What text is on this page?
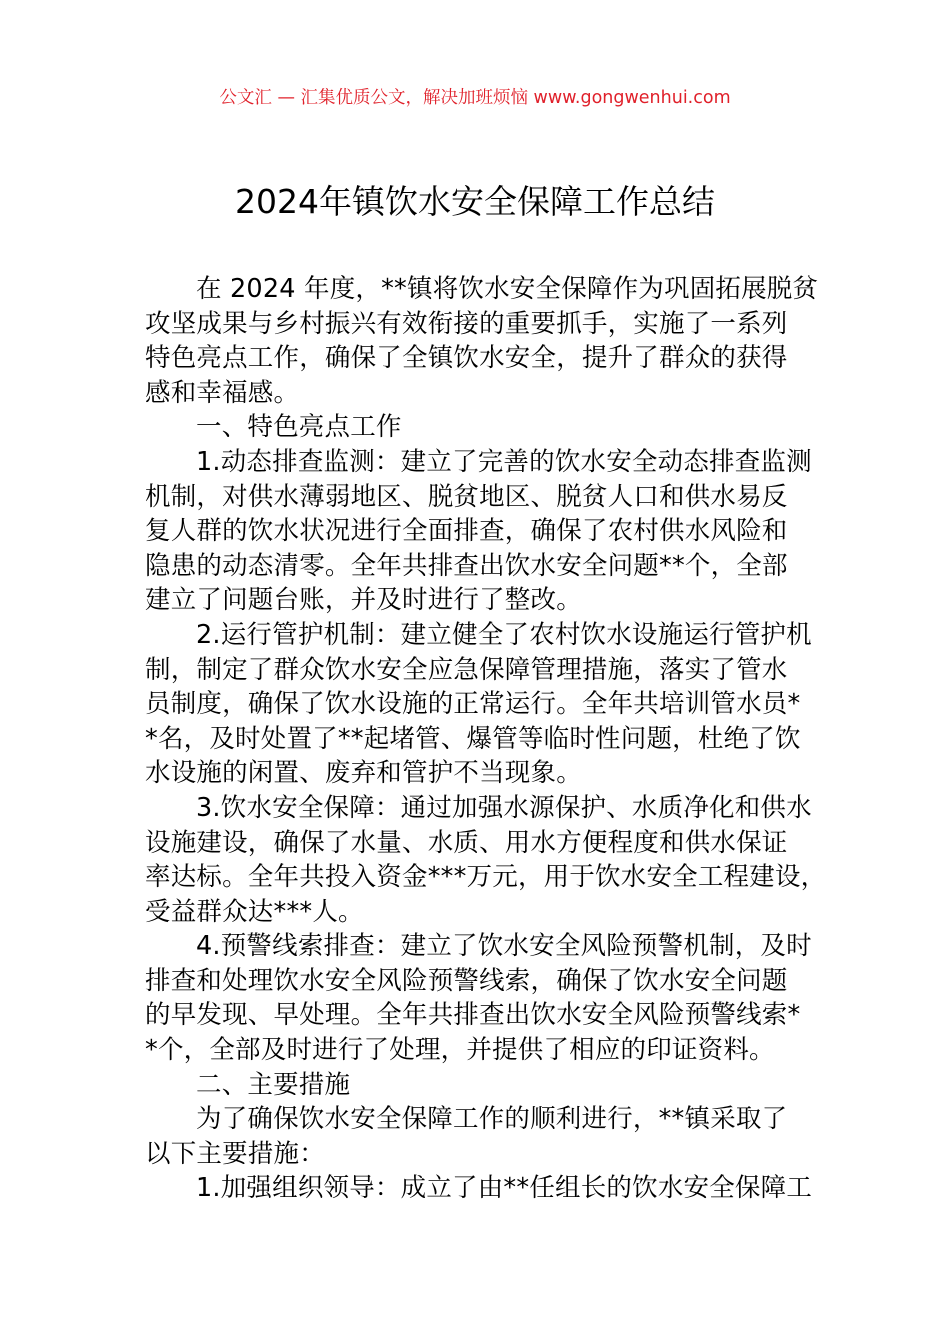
公文汇 — 汇集优质公文，解决加班烦恼 www.gongwenhui.com
2024年镇饮水安全保障工作总结
在 2024 年度，**镇将饮水安全保障作为巩固拓展脱贫
攻坚成果与乡村振兴有效衔接的重要抓手，实施了一系列
特色亮点工作，确保了全镇饮水安全，提升了群众的获得
感和幸福感。
一、特色亮点工作
1.动态排查监测：建立了完善的饮水安全动态排查监测
机制，对供水薄弱地区、脱贫地区、脱贫人口和供水易反
复人群的饮水状况进行全面排查，确保了农村供水风险和
隐患的动态清零。全年共排查出饮水安全问题**个，全部
建立了问题台账，并及时进行了整改。
2.运行管护机制：建立健全了农村饮水设施运行管护机
制，制定了群众饮水安全应急保障管理措施，落实了管水
员制度，确保了饮水设施的正常运行。全年共培训管水员*
*名，及时处置了**起堵管、爆管等临时性问题，杜绝了饮
水设施的闲置、废弃和管护不当现象。
3.饮水安全保障：通过加强水源保护、水质净化和供水
设施建设，确保了水量、水质、用水方便程度和供水保证
率达标。全年共投入资金***万元，用于饮水安全工程建设，
受益群众达***人。
4.预警线索排查：建立了饮水安全风险预警机制，及时
排查和处理饮水安全风险预警线索，确保了饮水安全问题
的早发现、早处理。全年共排查出饮水安全风险预警线索*
*个，全部及时进行了处理，并提供了相应的印证资料。
二、主要措施
为了确保饮水安全保障工作的顺利进行，**镇采取了
以下主要措施：
1.加强组织领导：成立了由**任组长的饮水安全保障工
